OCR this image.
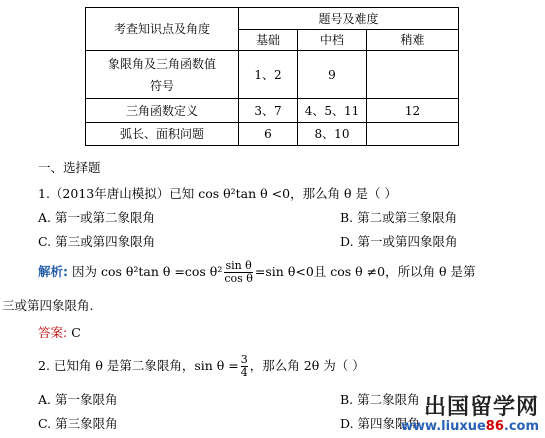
考查知识点及角度	题号及难度		
	基础	中档	稍难
象限角及三角函数值
符号	1、2	9	
三角函数定义	3、7	4、5、11	12
弧长、面积问题	6	8、10	
一、选择题
1.（2013年唐山模拟）已知 cos θ²tan θ <0，那么角 θ 是（ ）
A. 第一或第二象限角	B. 第二或第三象限角
C. 第三或第四象限角	D. 第一或第四象限角
解析: 因为 cos θ²tan θ =cos $\theta^2 \frac{\text{sin θ}}{\text{cos θ}} =\sin$ θ<0且 cos θ ≠0，所以角 θ 是第
三或第四象限角.
答案: C
2. 已知角 θ 是第二象限角，$\sin \theta = \frac{3}{4}$ ，那么角 2θ 为（ ）
A. 第一象限角	B. 第二象限角
C. 第三象限角	D. 第四象限角
出国留学网
www.liuxue86.com
